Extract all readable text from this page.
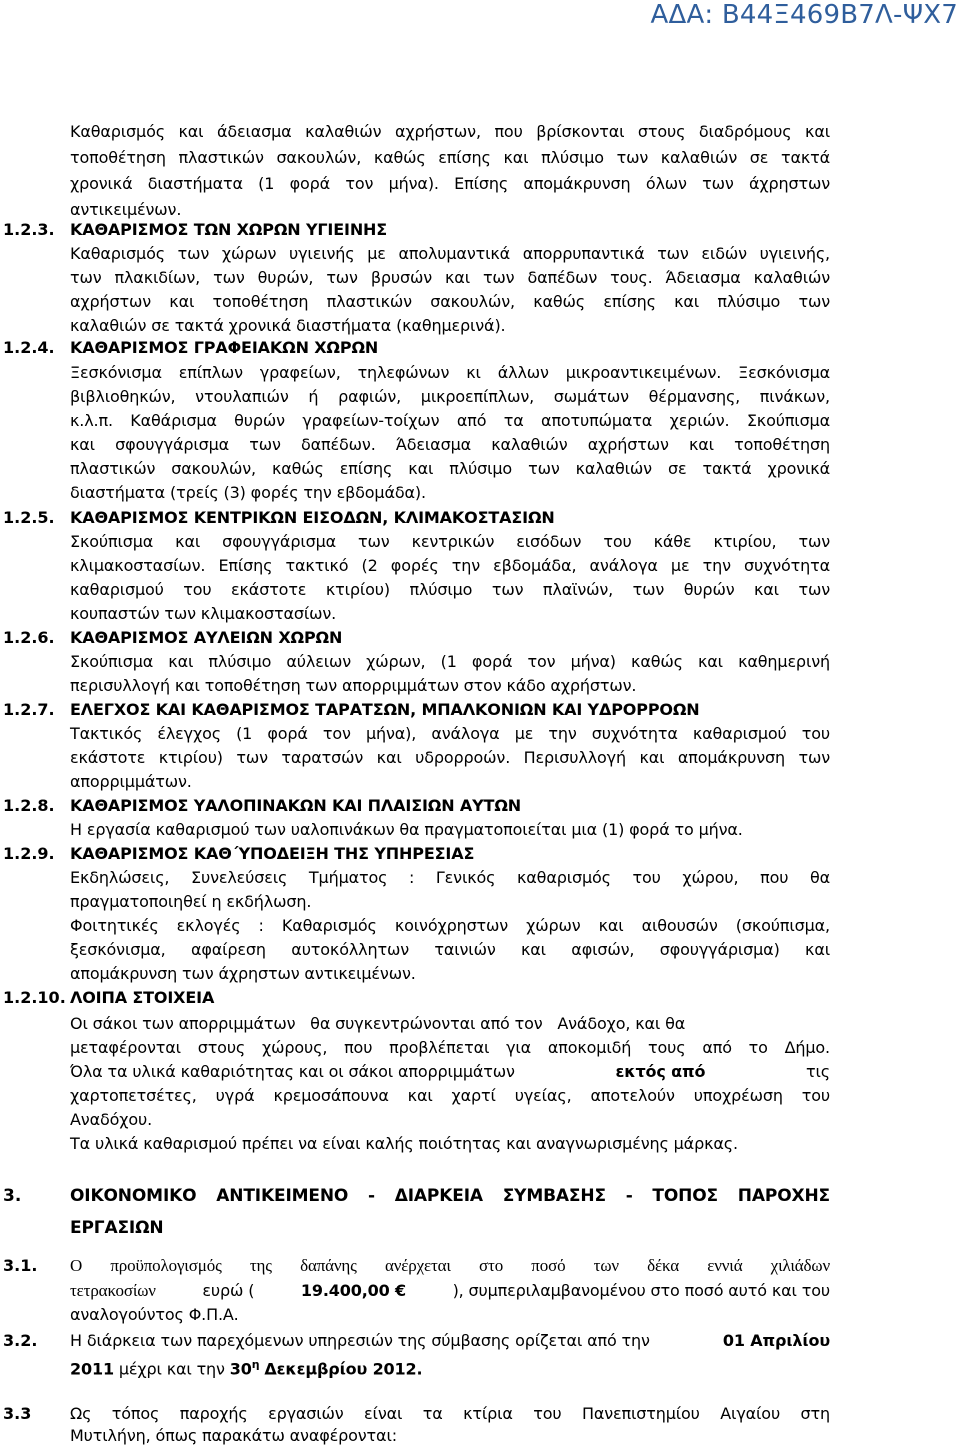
ΑΔΑ: Β44Ξ469Β7Λ-ΨΧ7
Καθαρισμός και άδειασμα καλαθιών αχρήστων, που βρίσκονται στους διαδρόμους και
τοποθέτηση πλαστικών σακουλών, καθώς επίσης και πλύσιμο των καλαθιών σε τακτά
χρονικά διαστήματα (1 φορά τον μήνα). Επίσης απομάκρυνση όλων των άχρηστων
αντικειμένων.
1.2.3. ΚΑΘΑΡΙΣΜΟΣ ΤΩΝ ΧΩΡΩΝ ΥΓΙΕΙΝΗΣ
Καθαρισμός των χώρων υγιεινής με απολυμαντικά απορρυπαντικά των ειδών υγιεινής,
των πλακιδίων, των θυρών, των βρυσών και των δαπέδων τους. Άδειασμα καλαθιών
αχρήστων και τοποθέτηση πλαστικών σακουλών, καθώς επίσης και πλύσιμο των
καλαθιών σε τακτά χρονικά διαστήματα (καθημερινά).
1.2.4. ΚΑΘΑΡΙΣΜΟΣ ΓΡΑΦΕΙΑΚΩΝ ΧΩΡΩΝ
Ξεσκόνισμα επίπλων γραφείων, τηλεφώνων κι άλλων μικροαντικειμένων. Ξεσκόνισμα
βιβλιοθηκών, ντουλαπιών ή ραφιών, μικροεπίπλων, σωμάτων θέρμανσης, πινάκων,
κ.λ.π. Καθάρισμα θυρών γραφείων-τοίχων από τα αποτυπώματα χεριών. Σκούπισμα
και σφουγγάρισμα των δαπέδων. Άδειασμα καλαθιών αχρήστων και τοποθέτηση
πλαστικών σακουλών, καθώς επίσης και πλύσιμο των καλαθιών σε τακτά χρονικά
διαστήματα (τρείς (3) φορές την εβδομάδα).
1.2.5. ΚΑΘΑΡΙΣΜΟΣ ΚΕΝΤΡΙΚΩΝ ΕΙΣΟΔΩΝ, ΚΛΙΜΑΚΟΣΤΑΣΙΩΝ
Σκούπισμα και σφουγγάρισμα των κεντρικών εισόδων του κάθε κτιρίου, των
κλιμακοστασίων. Επίσης τακτικό (2 φορές την εβδομάδα, ανάλογα με την συχνότητα
καθαρισμού του εκάστοτε κτιρίου) πλύσιμο των πλαϊνών, των θυρών και των
κουπαστών των κλιμακοστασίων.
1.2.6. ΚΑΘΑΡΙΣΜΟΣ ΑΥΛΕΙΩΝ ΧΩΡΩΝ
Σκούπισμα και πλύσιμο αύλειων χώρων, (1 φορά τον μήνα) καθώς και καθημερινή
περισυλλογή και τοποθέτηση των απορριμμάτων στον κάδο αχρήστων.
1.2.7. ΕΛΕΓΧΟΣ ΚΑΙ ΚΑΘΑΡΙΣΜΟΣ ΤΑΡΑΤΣΩΝ, ΜΠΑΛΚΟΝΙΩΝ ΚΑΙ ΥΔΡΟΡΡΟΩΝ
Τακτικός έλεγχος (1 φορά τον μήνα), ανάλογα με την συχνότητα καθαρισμού του
εκάστοτε κτιρίου) των ταρατσών και υδρορροών. Περισυλλογή και απομάκρυνση των
απορριμμάτων.
1.2.8. ΚΑΘΑΡΙΣΜΟΣ ΥΑΛΟΠΙΝΑΚΩΝ ΚΑΙ ΠΛΑΙΣΙΩΝ ΑΥΤΩΝ
Η εργασία καθαρισμού των υαλοπινάκων θα πραγματοποιείται μια (1) φορά το μήνα.
1.2.9. ΚΑΘΑΡΙΣΜΟΣ ΚΑΘ΄ΥΠΟΔΕΙΞΗ ΤΗΣ ΥΠΗΡΕΣΙΑΣ
Εκδηλώσεις, Συνελεύσεις Τμήματος : Γενικός καθαρισμός του χώρου, που θα
πραγματοποιηθεί η εκδήλωση.
Φοιτητικές εκλογές : Καθαρισμός κοινόχρηστων χώρων και αιθουσών (σκούπισμα,
ξεσκόνισμα, αφαίρεση αυτοκόλλητων ταινιών και αφισών, σφουγγάρισμα) και
απομάκρυνση των άχρηστων αντικειμένων.
1.2.10. ΛΟΙΠΑ ΣΤΟΙΧΕΙΑ
Οι σάκοι των απορριμμάτων   θα συγκεντρώνονται από τον   Ανάδοχο, και θα
μεταφέρονται στους χώρους, που προβλέπεται για αποκομιδή τους από το Δήμο.
Όλα τα υλικά καθαριότητας και οι σάκοι απορριμμάτων	εκτός από	τις
χαρτοπετσέτες, υγρά κρεμοσάπουνα και χαρτί υγείας, αποτελούν υποχρέωση του
Αναδόχου.
Τα υλικά καθαρισμού πρέπει να είναι καλής ποιότητας και αναγνωρισμένης μάρκας.
3.	ΟΙΚΟΝΟΜΙΚΟ ΑΝΤΙΚΕΙΜΕΝΟ - ΔΙΑΡΚΕΙΑ ΣΥΜΒΑΣΗΣ - ΤΟΠΟΣ ΠΑΡΟΧΗΣ
ΕΡΓΑΣΙΩΝ
3.1. Ο προϋπολογισμός της δαπάνης ανέρχεται στο ποσό των δέκα εννιά χιλιάδων
τετρακοσίων	ευρώ (	19.400,00 €	), συμπεριλαμβανομένου στο ποσό αυτό και του
αναλογούντος Φ.Π.Α.
3.2. Η διάρκεια των παρεχόμενων υπηρεσιών της σύμβασης ορίζεται από την	01 Απριλίου
2011 μέχρι και την $30^\eta$ Δεκεμβρίου 2012.
3.3 Ως τόπος παροχής εργασιών είναι τα κτίρια του Πανεπιστημίου Αιγαίου στη
Μυτιλήνη, όπως παρακάτω αναφέρονται:
